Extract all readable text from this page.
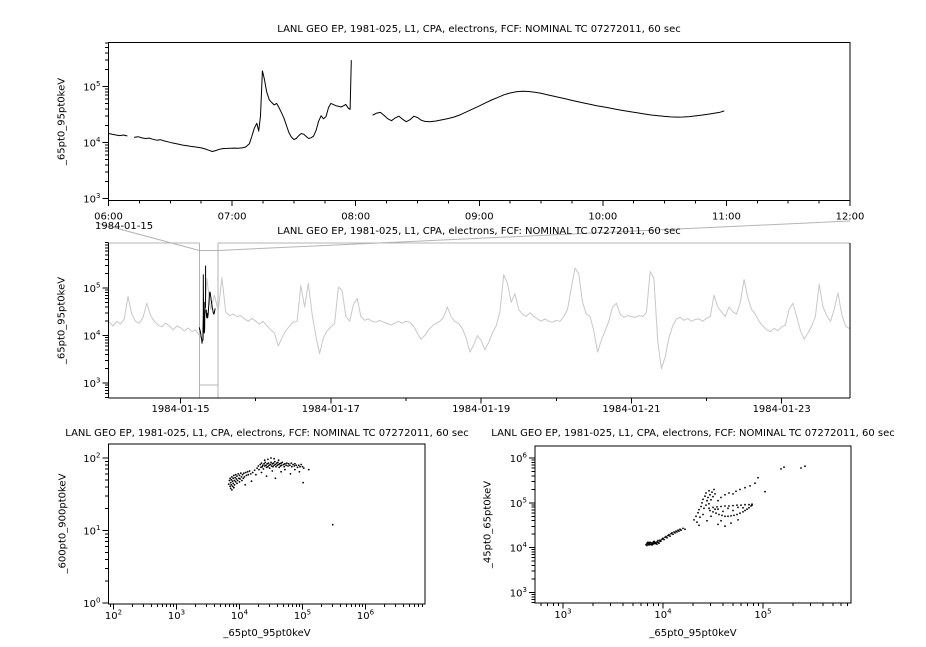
$10^3$
$10^4$
$10^5$
1984-01-15	1984-01-17	1984-01-19	1984-01-21	1984-01-23
$10^3$
$10^4$
$10^5$
06:00	07:00	08:00	09:00	10:00	11:00	12:00
$10^0$
$10^1$
$10^2$
$10^2$	$10^3$	$10^4$	$10^5$	$10^6$
$10^3$
$10^4$
$10^5$
$10^6$
$10^3$	$10^4$	$10^5$
LANL GEO EP, 1981-025, L1, CPA, electrons, FCF: NOMINAL TC 07272011, 60 sec
LANL GEO EP, 1981-025, L1, CPA, electrons, FCF: NOMINAL TC 07272011, 60 sec
LANL GEO EP, 1981-025, L1, CPA, electrons, FCF: NOMINAL TC 07272011, 60 sec	LANL GEO EP, 1981-025, L1, CPA, electrons, FCF: NOMINAL TC 07272011, 60 sec
_65pt0_95pt0keV
_65pt0_95pt0keV
_600pt0_900pt0keV	_45pt0_65pt0keV
_65pt0_95pt0keV	_65pt0_95pt0keV
1984-01-15
